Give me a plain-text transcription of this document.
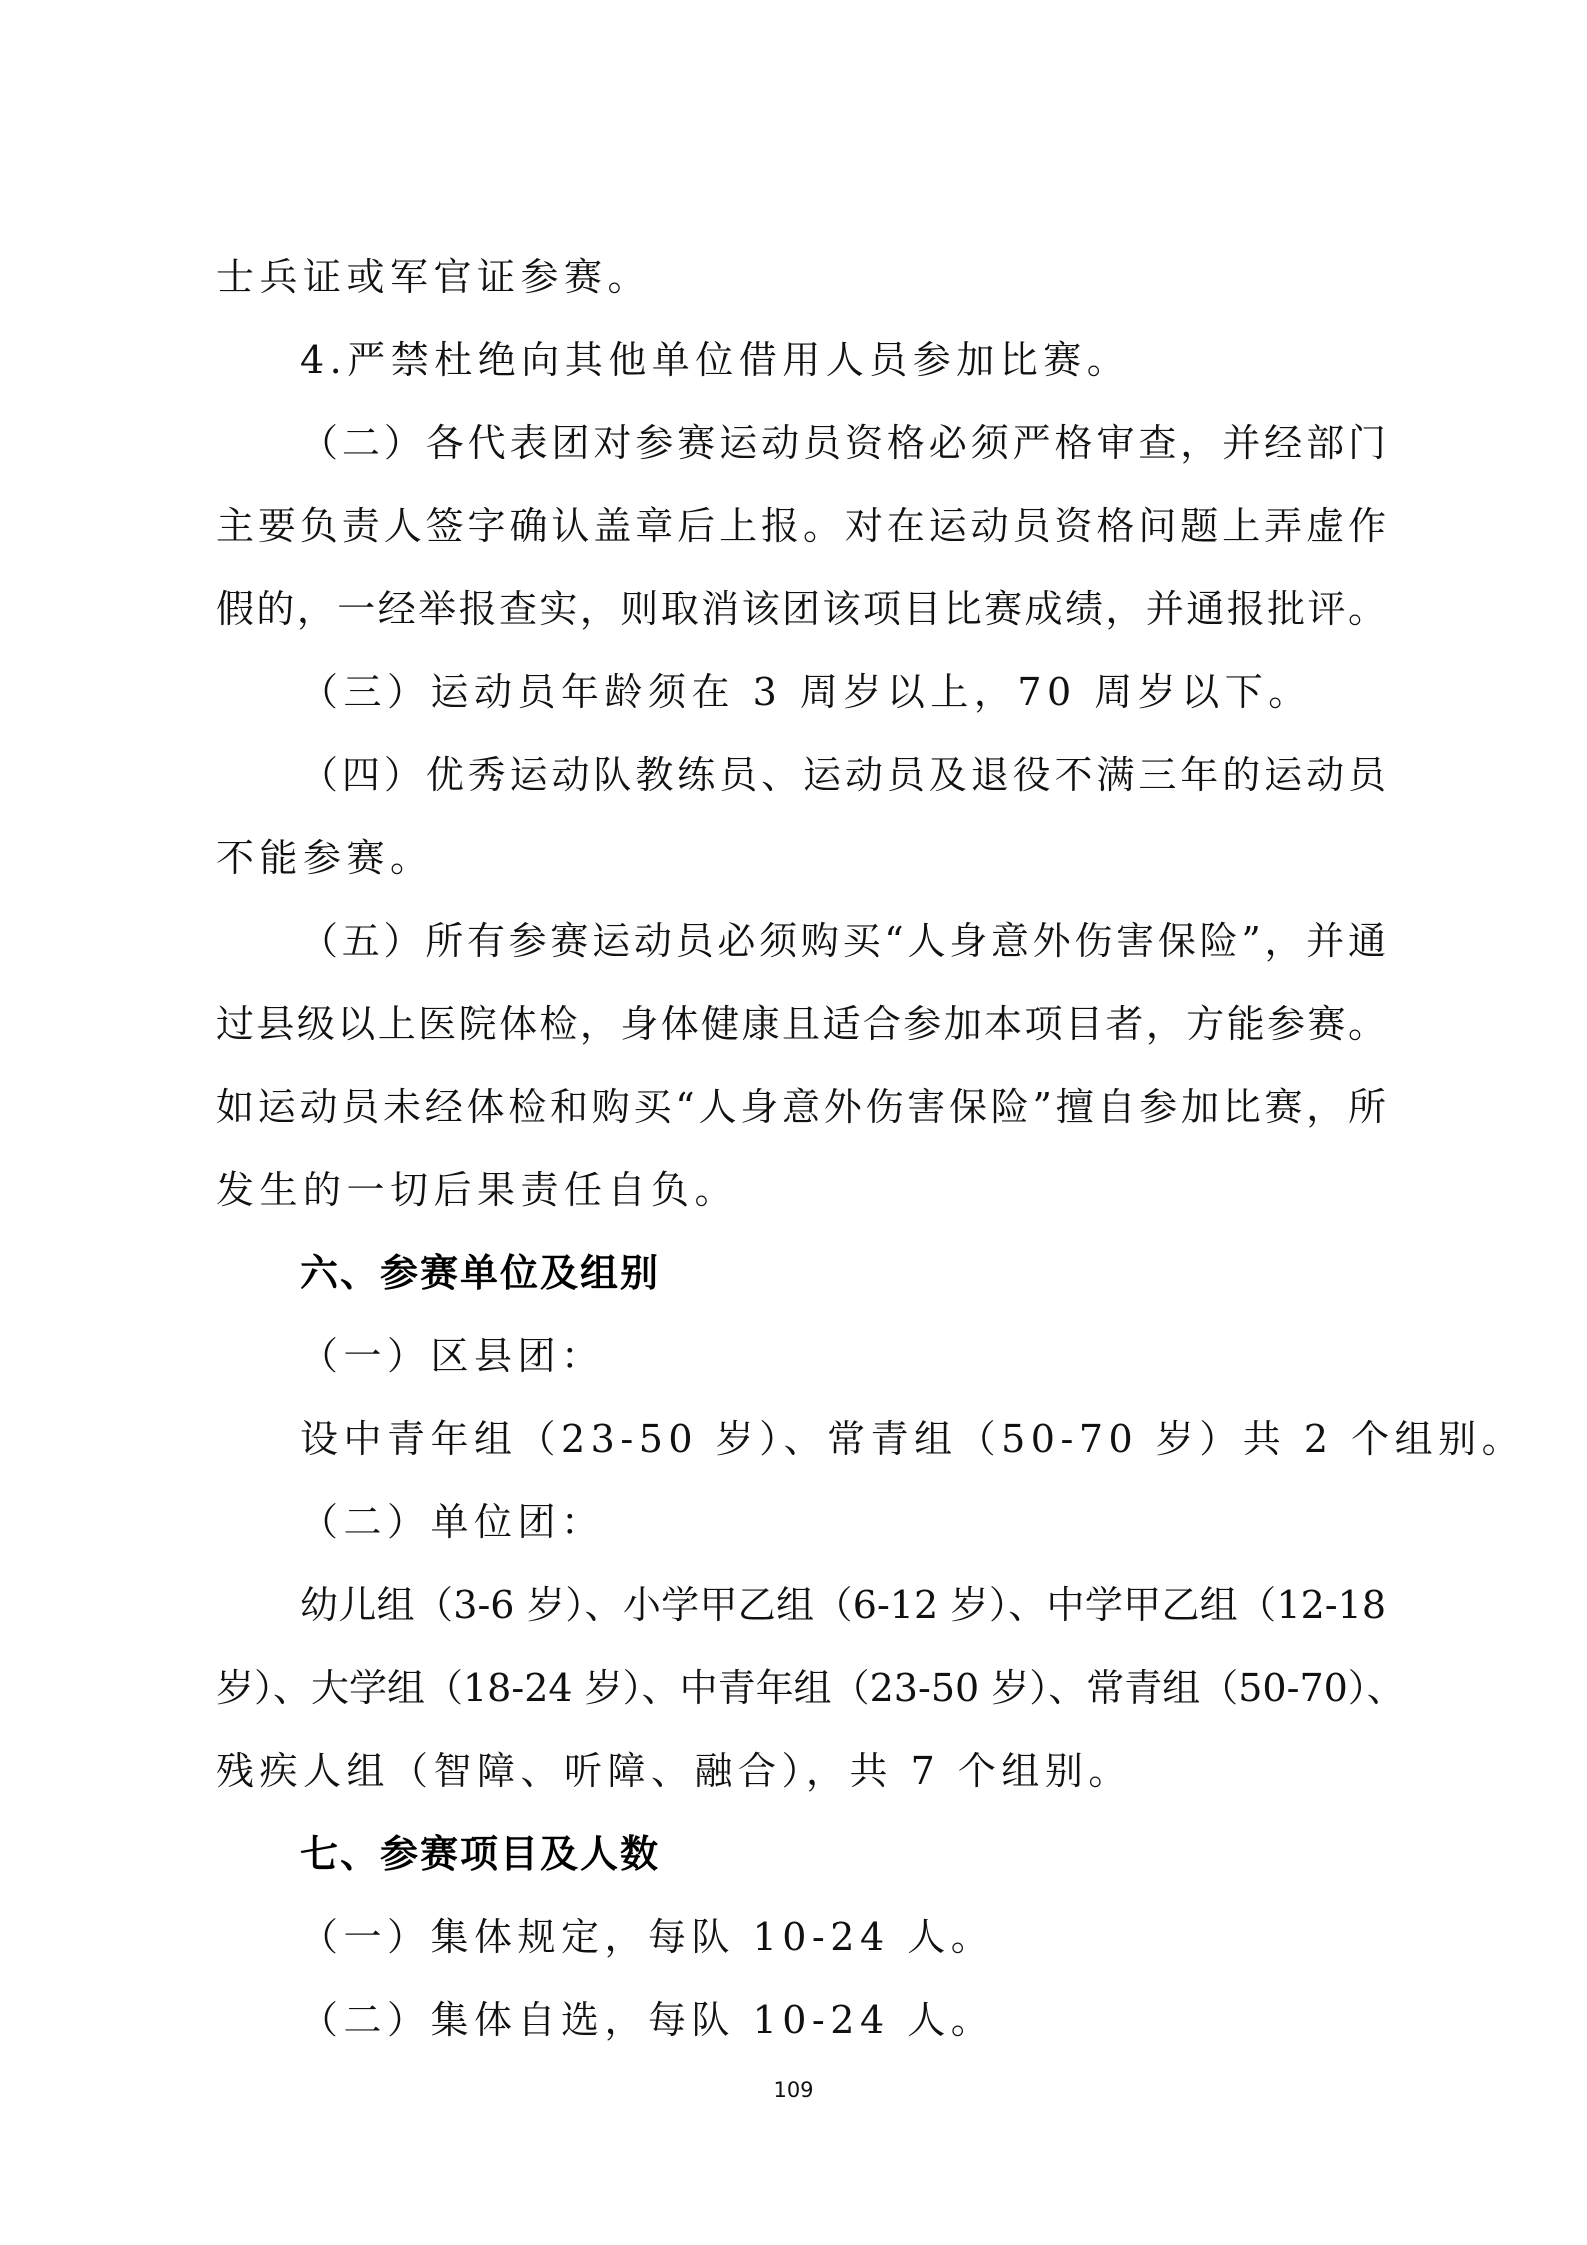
士兵证或军官证参赛。
4.严禁杜绝向其他单位借用人员参加比赛。
（二）各代表团对参赛运动员资格必须严格审查，并经部门
主要负责人签字确认盖章后上报。对在运动员资格问题上弄虚作
假的，一经举报查实，则取消该团该项目比赛成绩，并通报批评。
（三）运动员年龄须在 3 周岁以上，70 周岁以下。
（四）优秀运动队教练员、运动员及退役不满三年的运动员
不能参赛。
（五）所有参赛运动员必须购买“人身意外伤害保险”，并通
过县级以上医院体检，身体健康且适合参加本项目者，方能参赛。
如运动员未经体检和购买“人身意外伤害保险”擅自参加比赛，所
发生的一切后果责任自负。
六、参赛单位及组别
（一）区县团：
设中青年组（23-50 岁）、常青组（50-70 岁）共 2 个组别。
（二）单位团：
幼儿组（3-6 岁）、小学甲乙组（6-12 岁）、中学甲乙组（12-18
岁）、大学组（18-24 岁）、中青年组（23-50 岁）、常青组（50-70）、
残疾人组（智障、听障、融合），共 7 个组别。
七、参赛项目及人数
（一）集体规定，每队 10-24 人。
（二）集体自选，每队 10-24 人。
109
